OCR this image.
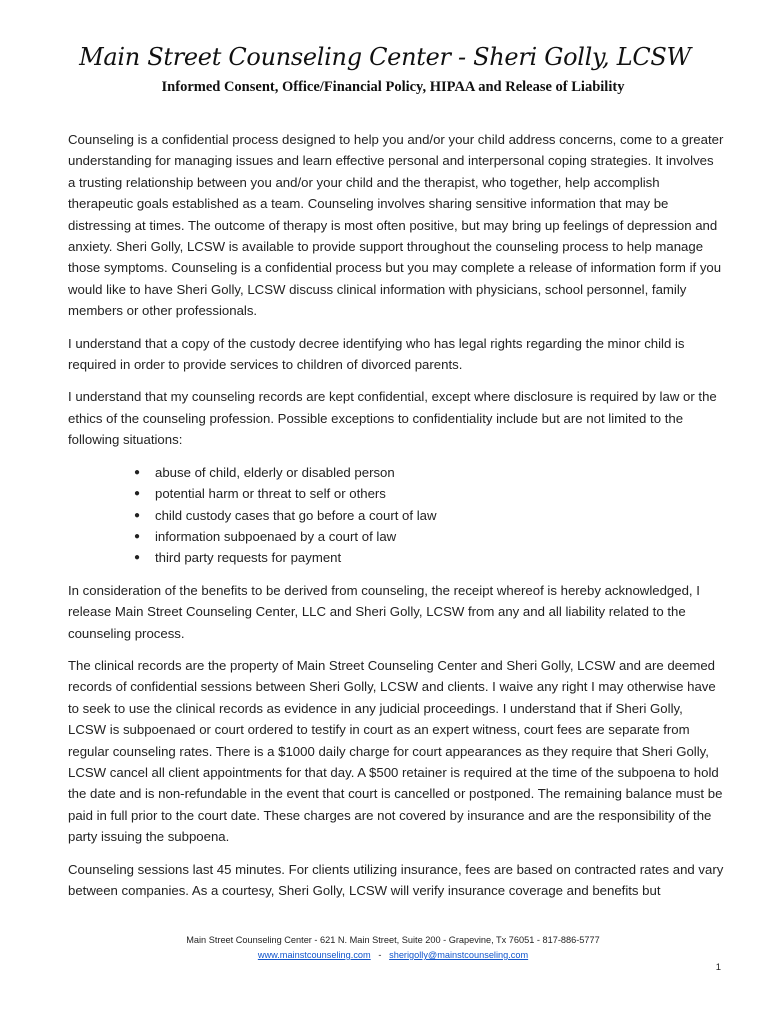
Main Street Counseling Center - Sheri Golly, LCSW
Informed Consent, Office/Financial Policy, HIPAA and Release of Liability

Counseling is a confidential process designed to help you and/or your child address concerns, come to a greater understanding for managing issues and learn effective personal and interpersonal coping strategies. It involves a trusting relationship between you and/or your child and the therapist, who together, help accomplish therapeutic goals established as a team. Counseling involves sharing sensitive information that may be distressing at times. The outcome of therapy is most often positive, but may bring up feelings of depression and anxiety. Sheri Golly, LCSW is available to provide support throughout the counseling process to help manage those symptoms. Counseling is a confidential process but you may complete a release of information form if you would like to have Sheri Golly, LCSW discuss clinical information with physicians, school personnel, family members or other professionals.

I understand that a copy of the custody decree identifying who has legal rights regarding the minor child is required in order to provide services to children of divorced parents.

I understand that my counseling records are kept confidential, except where disclosure is required by law or the ethics of the counseling profession. Possible exceptions to confidentiality include but are not limited to the following situations:

● abuse of child, elderly or disabled person
● potential harm or threat to self or others
● child custody cases that go before a court of law
● information subpoenaed by a court of law
● third party requests for payment

In consideration of the benefits to be derived from counseling, the receipt whereof is hereby acknowledged, I release Main Street Counseling Center, LLC and Sheri Golly, LCSW from any and all liability related to the counseling process.

The clinical records are the property of Main Street Counseling Center and Sheri Golly, LCSW and are deemed records of confidential sessions between Sheri Golly, LCSW and clients. I waive any right I may otherwise have to seek to use the clinical records as evidence in any judicial proceedings. I understand that if Sheri Golly, LCSW is subpoenaed or court ordered to testify in court as an expert witness, court fees are separate from regular counseling rates. There is a $1000 daily charge for court appearances as they require that Sheri Golly, LCSW cancel all client appointments for that day. A $500 retainer is required at the time of the subpoena to hold the date and is non-refundable in the event that court is cancelled or postponed. The remaining balance must be paid in full prior to the court date. These charges are not covered by insurance and are the responsibility of the party issuing the subpoena.

Counseling sessions last 45 minutes. For clients utilizing insurance, fees are based on contracted rates and vary between companies. As a courtesy, Sheri Golly, LCSW will verify insurance coverage and benefits but

Main Street Counseling Center - 621 N. Main Street, Suite 200 - Grapevine, Tx 76051 - 817-886-5777
www.mainstcounseling.com - sherigolly@mainstcounseling.com
1
